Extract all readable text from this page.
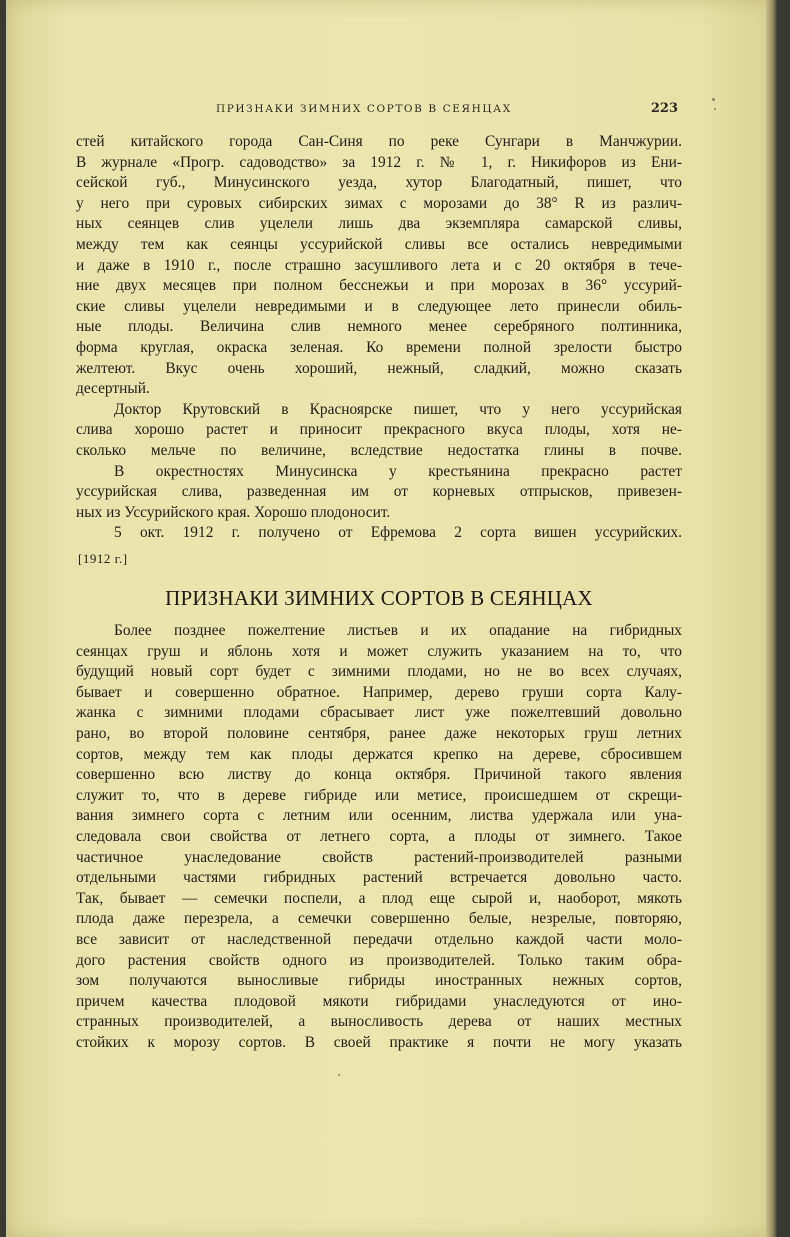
ПРИЗНАКИ ЗИМНИХ СОРТОВ В СЕЯНЦАХ	223
стей китайского города Сан-Синя по реке Сунгари в Манчжурии.
В журнале «Прогр. садоводство» за 1912 г. № 1, г. Никифоров из Ени-
сейской губ., Минусинского уезда, хутор Благодатный, пишет, что
у него при суровых сибирских зимах с морозами до 38° R из различ-
ных сеянцев слив уцелели лишь два экземпляра самарской сливы,
между тем как сеянцы уссурийской сливы все остались невредимыми
и даже в 1910 г., после страшно засушливого лета и с 20 октября в тече-
ние двух месяцев при полном бесснежьи и при морозах в 36° уссурий-
ские сливы уцелели невредимыми и в следующее лето принесли обиль-
ные плоды. Величина слив немного менее серебряного полтинника,
форма круглая, окраска зеленая. Ко времени полной зрелости быстро
желтеют. Вкус очень хороший, нежный, сладкий, можно сказать
десертный.
Доктор Крутовский в Красноярске пишет, что у него уссурийская
слива хорошо растет и приносит прекрасного вкуса плоды, хотя не-
сколько мельче по величине, вследствие недостатка глины в почве.
В окрестностях Минусинска у крестьянина прекрасно растет
уссурийская слива, разведенная им от корневых отпрысков, привезен-
ных из Уссурийского края. Хорошо плодоносит.
5 окт. 1912 г. получено от Ефремова 2 сорта вишен уссурийских.
[1912 г.]
ПРИЗНАКИ ЗИМНИХ СОРТОВ В СЕЯНЦАХ
Более позднее пожелтение листьев и их опадание на гибридных
сеянцах груш и яблонь хотя и может служить указанием на то, что
будущий новый сорт будет с зимними плодами, но не во всех случаях,
бывает и совершенно обратное. Например, дерево груши сорта Калу-
жанка с зимними плодами сбрасывает лист уже пожелтевший довольно
рано, во второй половине сентября, ранее даже некоторых груш летних
сортов, между тем как плоды держатся крепко на дереве, сбросившем
совершенно всю листву до конца октября. Причиной такого явления
служит то, что в дереве гибриде или метисе, происшедшем от скрещи-
вания зимнего сорта с летним или осенним, листва удержала или уна-
следовала свои свойства от летнего сорта, а плоды от зимнего. Такое
частичное унаследование свойств растений-производителей разными
отдельными частями гибридных растений встречается довольно часто.
Так, бывает — семечки поспели, а плод еще сырой и, наоборот, мякоть
плода даже перезрела, а семечки совершенно белые, незрелые, повторяю,
все зависит от наследственной передачи отдельно каждой части моло-
дого растения свойств одного из производителей. Только таким обра-
зом получаются выносливые гибриды иностранных нежных сортов,
причем качества плодовой мякоти гибридами унаследуются от ино-
странных производителей, а выносливость дерева от наших местных
стойких к морозу сортов. В своей практике я почти не могу указать
